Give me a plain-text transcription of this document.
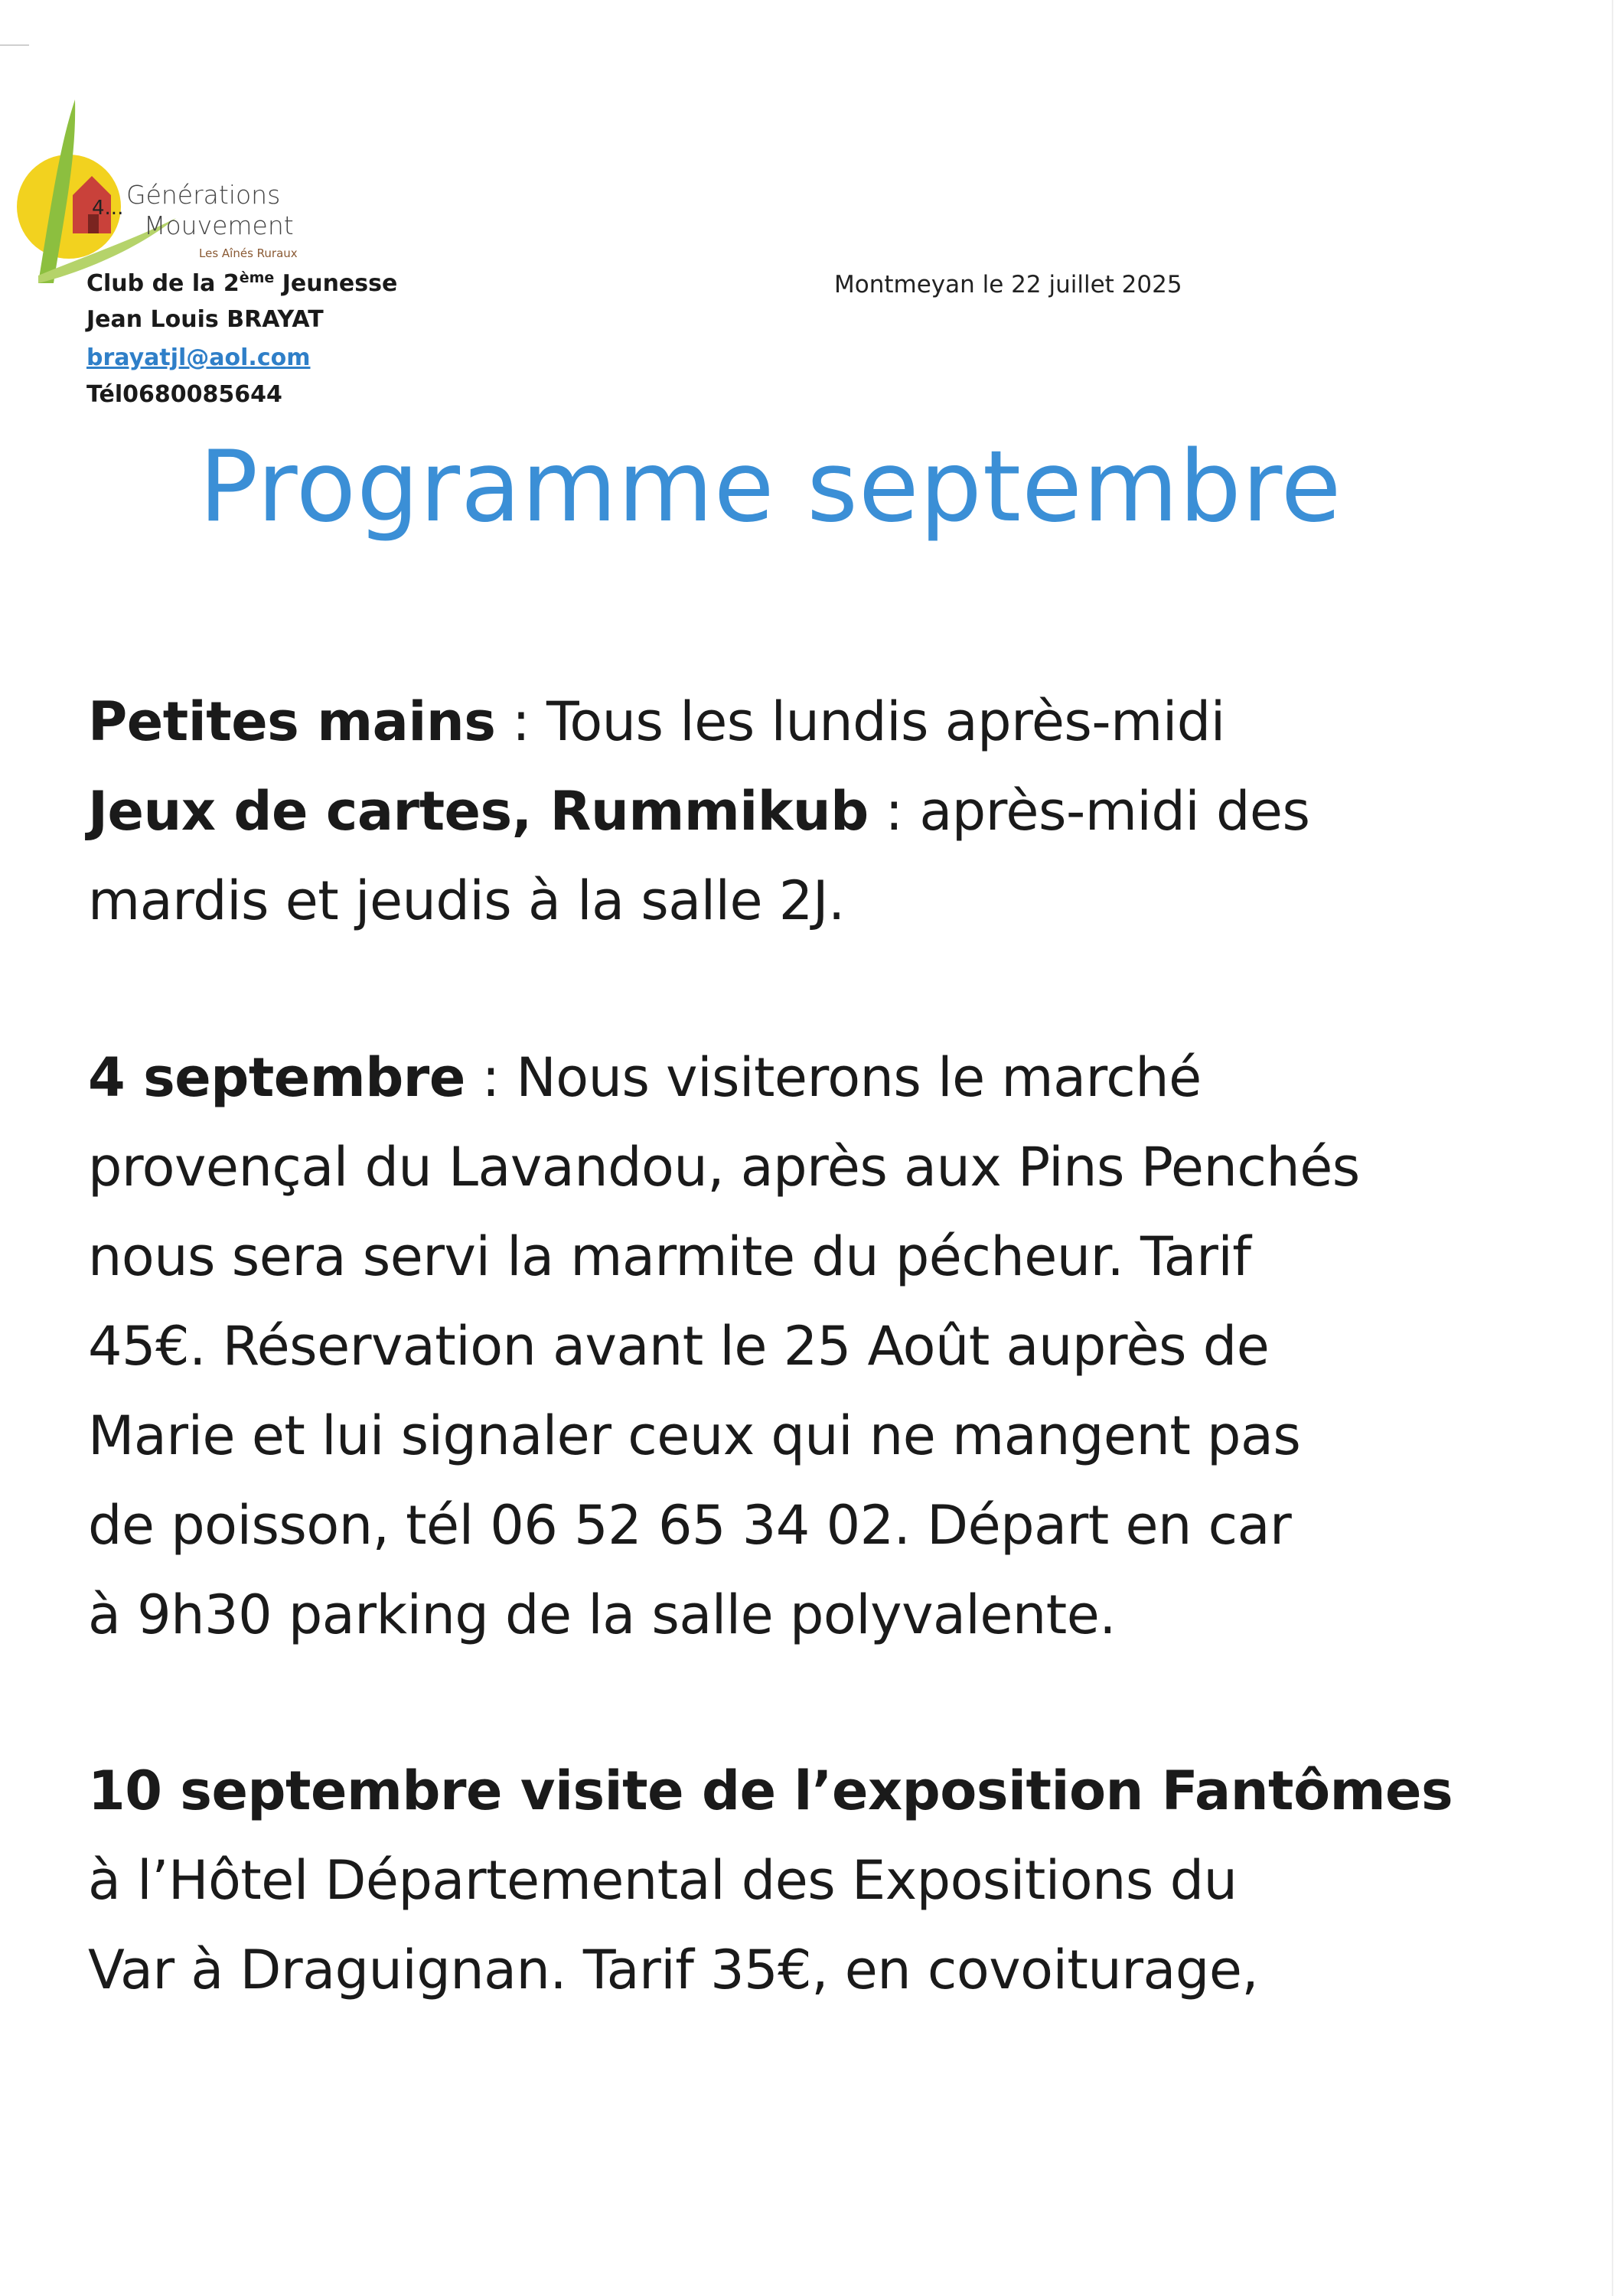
4... Générations
Mouvement
Les Aînés Ruraux
Club de la 2ème Jeunesse
Jean Louis BRAYAT
brayatjl@aol.com
Tél0680085644
Montmeyan le 22 juillet 2025
Programme septembre
Petites mains : Tous les lundis après-midi
Jeux de cartes, Rummikub : après-midi des
mardis et jeudis à la salle 2J.
4 septembre : Nous visiterons le marché
provençal du Lavandou, après aux Pins Penchés
nous sera servi la marmite du pécheur. Tarif
45€. Réservation avant le 25 Août auprès de
Marie et lui signaler ceux qui ne mangent pas
de poisson, tél 06 52 65 34 02. Départ en car
à 9h30 parking de la salle polyvalente.
10 septembre visite de l’exposition Fantômes
à l’Hôtel Départemental des Expositions du
Var à Draguignan. Tarif 35€, en covoiturage,
